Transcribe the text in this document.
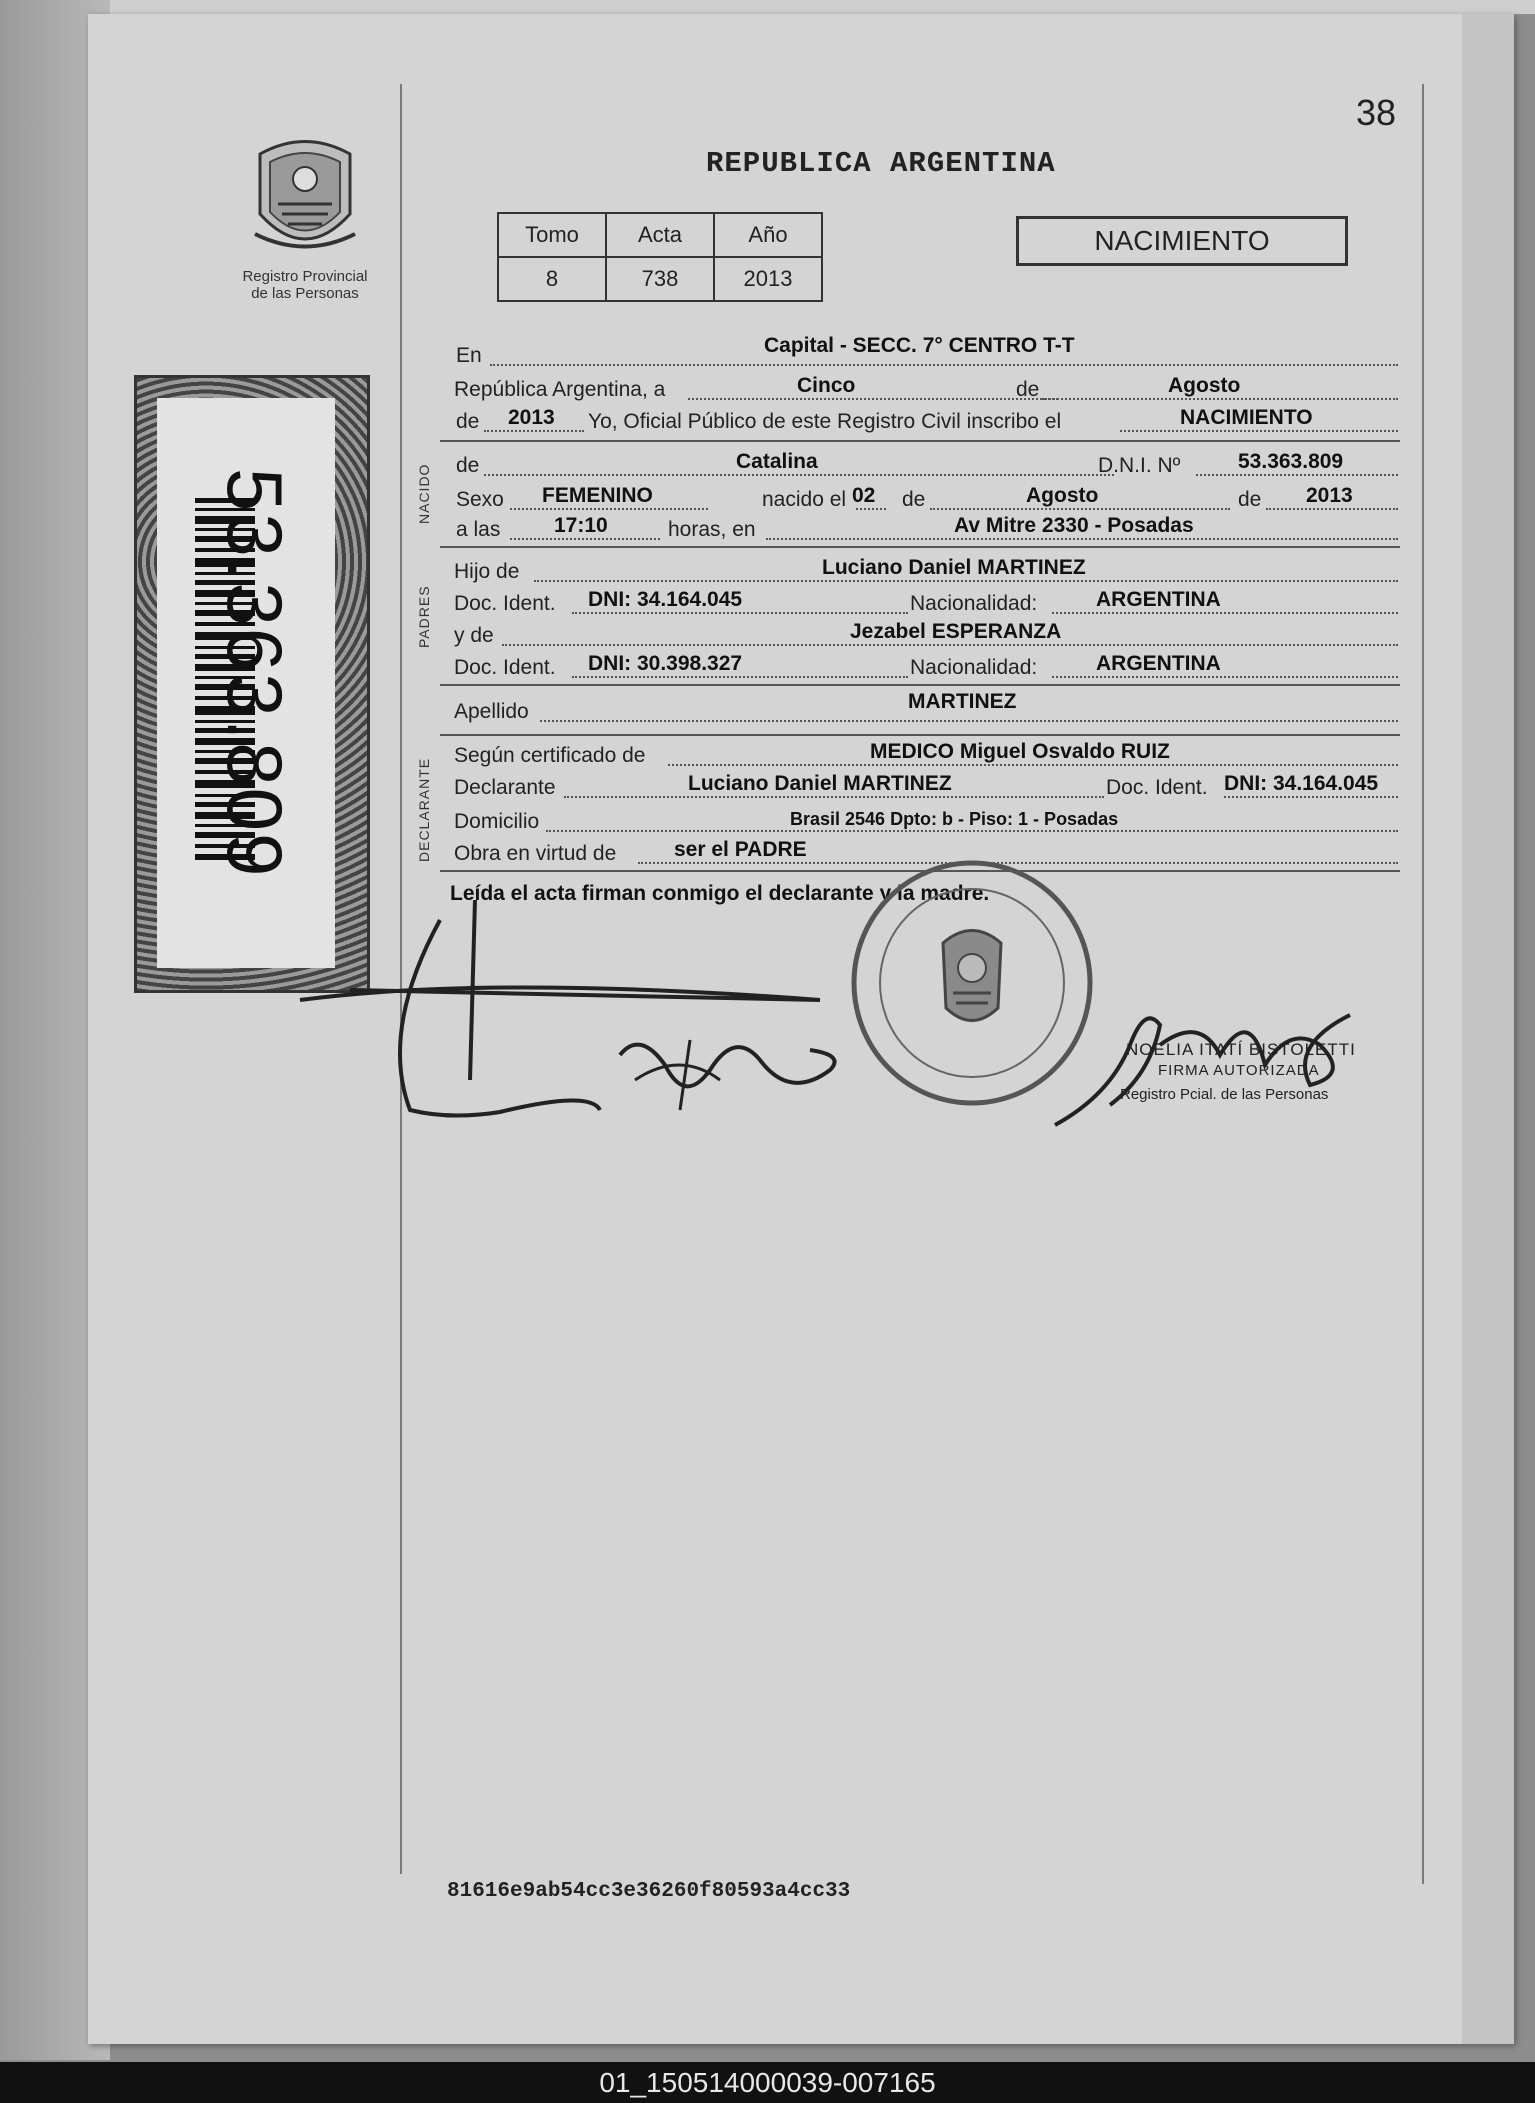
38
REPUBLICA ARGENTINA
Registro Provincial
de las Personas
53.363.809
Tomo	Acta	Año
8	738	2013
NACIMIENTO
En	Capital - SECC. 7° CENTRO T-T
República Argentina, a	Cinco	de	Agosto
de 2013 Yo, Oficial Público de este Registro Civil inscribo el	NACIMIENTO
NACIDO de	Catalina	D.N.I. Nº	53.363.809
Sexo FEMENINO	nacido el 02 de	Agosto	de 2013
a las	17:10	horas, en	Av Mitre 2330 - Posadas
PADRES
Hijo de	Luciano Daniel MARTINEZ
Doc. Ident. DNI: 34.164.045	Nacionalidad:	ARGENTINA
y de	Jezabel ESPERANZA
Doc. Ident. DNI: 30.398.327	Nacionalidad:	ARGENTINA
Apellido	MARTINEZ
DECLARANTE
Según certificado de	MEDICO Miguel Osvaldo RUIZ
Declarante	Luciano Daniel MARTINEZ	Doc. Ident. DNI: 34.164.045
Domicilio	Brasil 2546 Dpto: b - Piso: 1 - Posadas
Obra en virtud de	ser el PADRE
Leída el acta firman conmigo el declarante y la madre.
NOELIA ITATÍ BISTOLETTI
FIRMA AUTORIZADA
Registro Pcial. de las Personas
81616e9ab54cc3e36260f80593a4cc33
01_150514000039-007165
